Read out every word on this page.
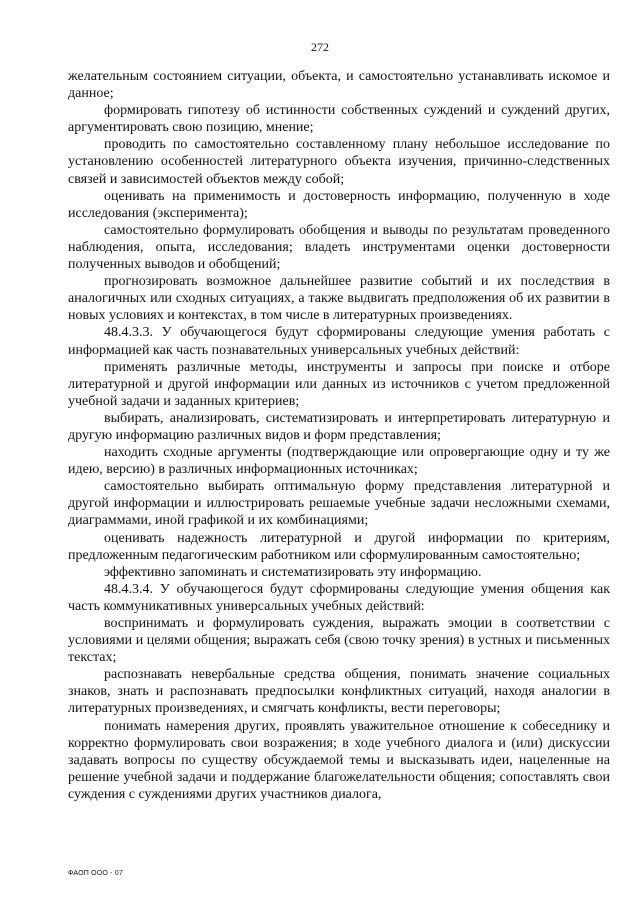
272

желательным состоянием ситуации, объекта, и самостоятельно устанавливать искомое и данное;

формировать гипотезу об истинности собственных суждений и суждений других, аргументировать свою позицию, мнение;

проводить по самостоятельно составленному плану небольшое исследование по установлению особенностей литературного объекта изучения, причинно-следственных связей и зависимостей объектов между собой;

оценивать на применимость и достоверность информацию, полученную в ходе исследования (эксперимента);

самостоятельно формулировать обобщения и выводы по результатам проведенного наблюдения, опыта, исследования; владеть инструментами оценки достоверности полученных выводов и обобщений;

прогнозировать возможное дальнейшее развитие событий и их последствия в аналогичных или сходных ситуациях, а также выдвигать предположения об их развитии в новых условиях и контекстах, в том числе в литературных произведениях.

48.4.3.3. У обучающегося будут сформированы следующие умения работать с информацией как часть познавательных универсальных учебных действий:

применять различные методы, инструменты и запросы при поиске и отборе литературной и другой информации или данных из источников с учетом предложенной учебной задачи и заданных критериев;

выбирать, анализировать, систематизировать и интерпретировать литературную и другую информацию различных видов и форм представления;

находить сходные аргументы (подтверждающие или опровергающие одну и ту же идею, версию) в различных информационных источниках;

самостоятельно выбирать оптимальную форму представления литературной и другой информации и иллюстрировать решаемые учебные задачи несложными схемами, диаграммами, иной графикой и их комбинациями;

оценивать надежность литературной и другой информации по критериям, предложенным педагогическим работником или сформулированным самостоятельно;

эффективно запоминать и систематизировать эту информацию.

48.4.3.4. У обучающегося будут сформированы следующие умения общения как часть коммуникативных универсальных учебных действий:

воспринимать и формулировать суждения, выражать эмоции в соответствии с условиями и целями общения; выражать себя (свою точку зрения) в устных и письменных текстах;

распознавать невербальные средства общения, понимать значение социальных знаков, знать и распознавать предпосылки конфликтных ситуаций, находя аналогии в литературных произведениях, и смягчать конфликты, вести переговоры;

понимать намерения других, проявлять уважительное отношение к собеседнику и корректно формулировать свои возражения; в ходе учебного диалога и (или) дискуссии задавать вопросы по существу обсуждаемой темы и высказывать идеи, нацеленные на решение учебной задачи и поддержание благожелательности общения; сопоставлять свои суждения с суждениями других участников диалога,

ФАОП ООО - 07
